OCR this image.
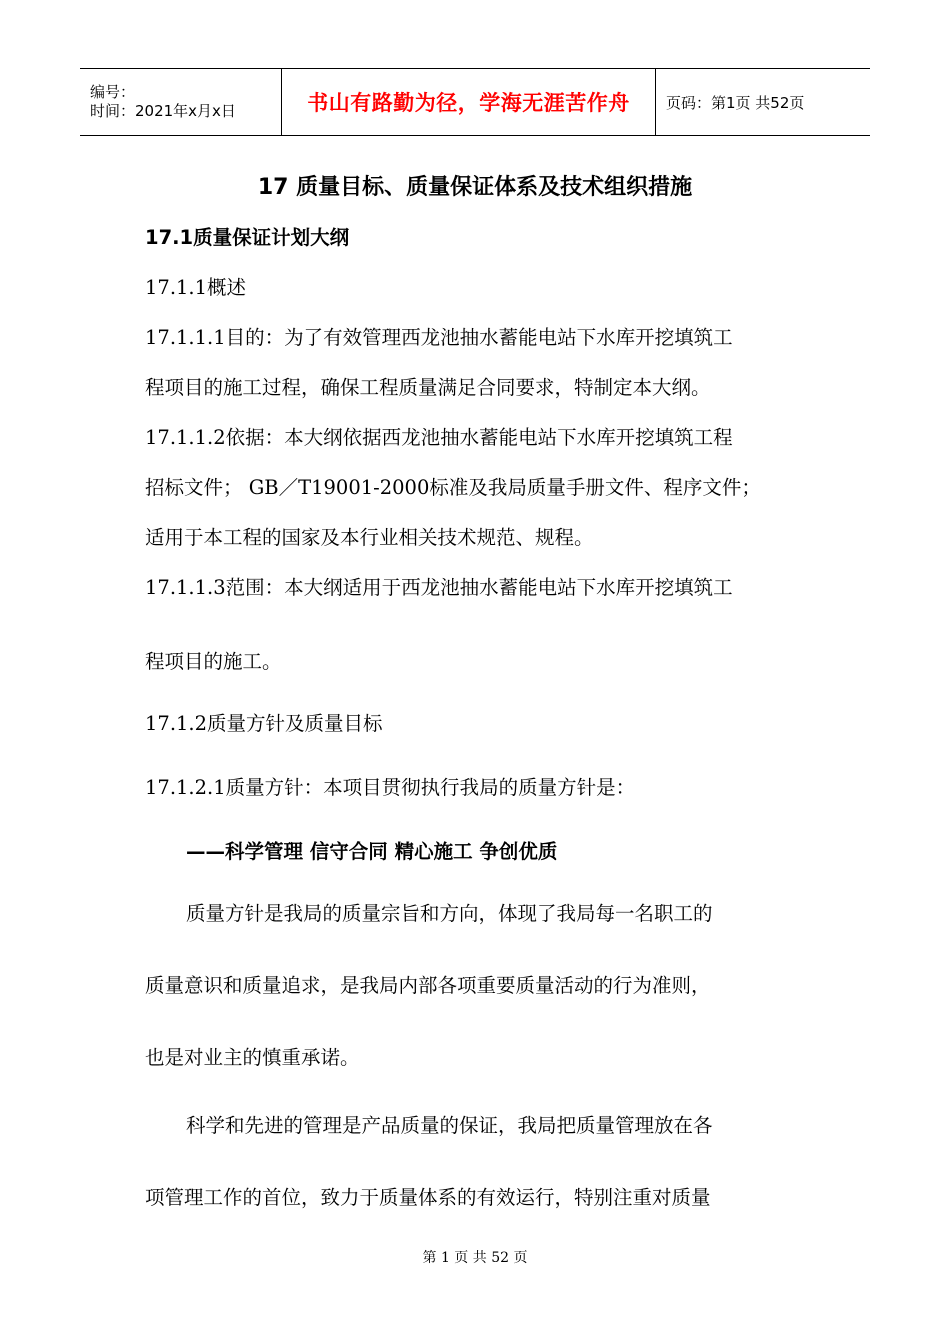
编号：
时间：2021年x月x日	书山有路勤为径，学海无涯苦作舟 页码：第1页 共52页
17 质量目标、质量保证体系及技术组织措施
17.1质量保证计划大纲
17.1.1概述
17.1.1.1目的：为了有效管理西龙池抽水蓄能电站下水库开挖填筑工
程项目的施工过程，确保工程质量满足合同要求，特制定本大纲。
17.1.1.2依据：本大纲依据西龙池抽水蓄能电站下水库开挖填筑工程
招标文件； GB／T19001-2000标准及我局质量手册文件、程序文件；
适用于本工程的国家及本行业相关技术规范、规程。
17.1.1.3范围：本大纲适用于西龙池抽水蓄能电站下水库开挖填筑工
程项目的施工。
17.1.2质量方针及质量目标
17.1.2.1质量方针：本项目贯彻执行我局的质量方针是：
——科学管理 信守合同 精心施工 争创优质
质量方针是我局的质量宗旨和方向，体现了我局每一名职工的
质量意识和质量追求，是我局内部各项重要质量活动的行为准则，
也是对业主的慎重承诺。
科学和先进的管理是产品质量的保证，我局把质量管理放在各
项管理工作的首位，致力于质量体系的有效运行，特别注重对质量
第 1 页 共 52 页
